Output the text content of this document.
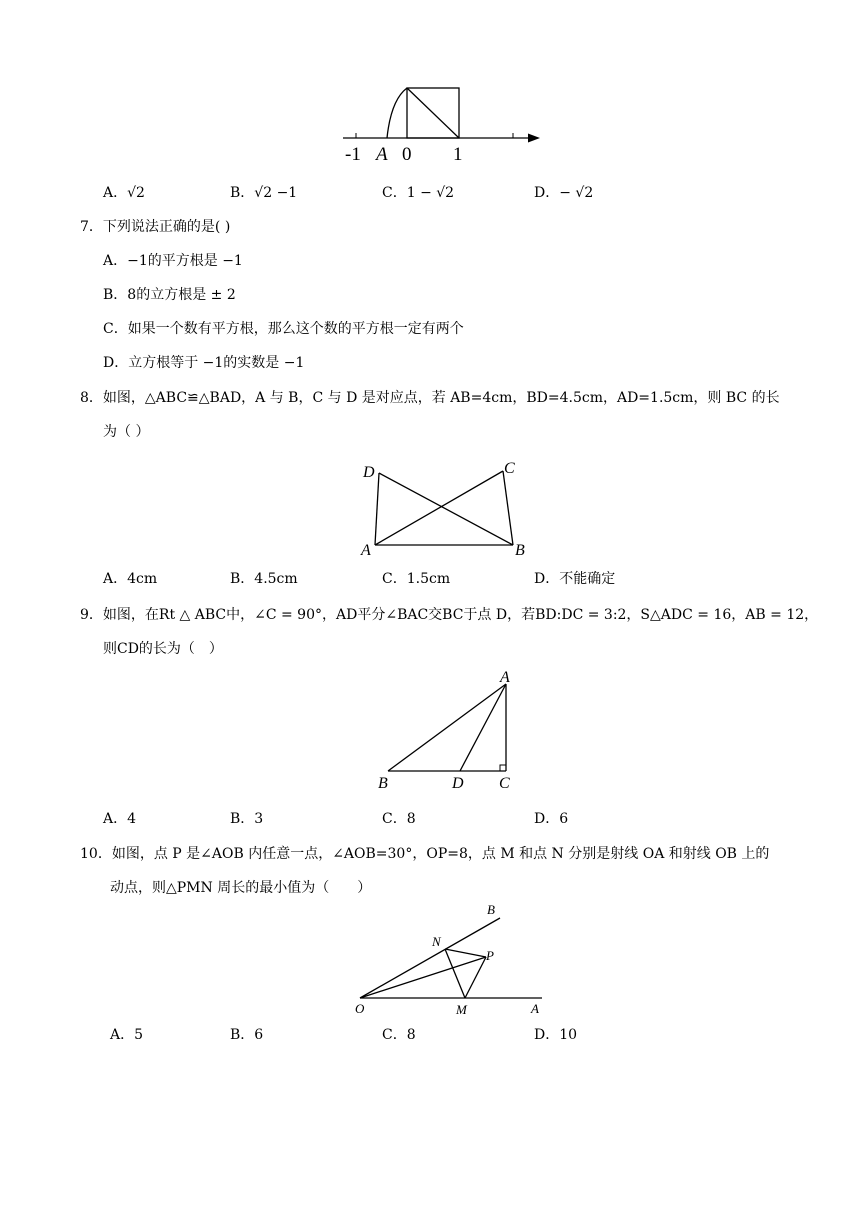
-1 A 0 1
A．√2	B．√2 −1	C．1 − √2	D．− √2
7．下列说法正确的是( )
A．−1的平方根是 −1
B．8的立方根是 ± 2
C．如果一个数有平方根，那么这个数的平方根一定有两个
D．立方根等于 −1的实数是 −1
8．如图，△ABC≌△BAD，A 与 B，C 与 D 是对应点，若 AB=4cm，BD=4.5cm，AD=1.5cm，则 BC 的长
为（ ）
D	C
A	B
A．4cm	B．4.5cm	C．1.5cm	D．不能确定
9．如图，在Rt △ ABC中，∠C = 90°，AD平分∠BAC交BC于点 D，若BD:DC = 3:2，S△ADC = 16，AB = 12，
则CD的长为（　）
A
B	D C
A．4	B．3	C．8	D．6
10．如图，点 P 是∠AOB 内任意一点，∠AOB=30°，OP=8，点 M 和点 N 分别是射线 OA 和射线 OB 上的
动点，则△PMN 周长的最小值为（　　）
B
N
P
O	M	A
A．5	B．6	C．8	D．10
